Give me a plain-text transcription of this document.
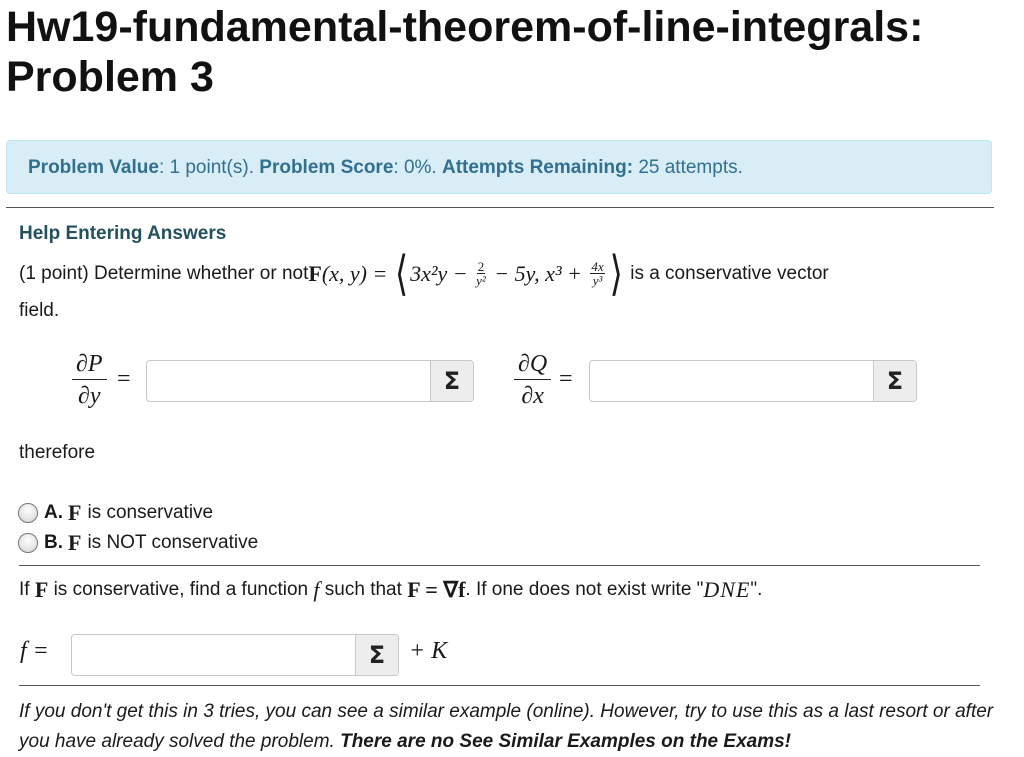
Hw19-fundamental-theorem-of-line-integrals: Problem 3
Problem Value: 1 point(s). Problem Score: 0%. Attempts Remaining: 25 attempts.
Help Entering Answers
(1 point) Determine whether or not F (x, y) = ⟨ $3x^2y - \frac{2}{\text{y²}} - 5y$, $x^3 + \frac{4x}{\text{y³}}$ ⟩ is a conservative vector
field.
$\frac{\partial P}{\partial y}$ =	Σ $\frac{\partial Q}{\partial x}$ =	Σ
therefore
A. F is conservative
B. F is NOT conservative
If F is conservative, find a function f such that F = ∇f . If one does not exist write " DNE ".
f =	Σ + K
If you don't get this in 3 tries, you can see a similar example (online). However, try to use this as a last resort or after you have already solved the problem. There are no See Similar Examples on the Exams!
